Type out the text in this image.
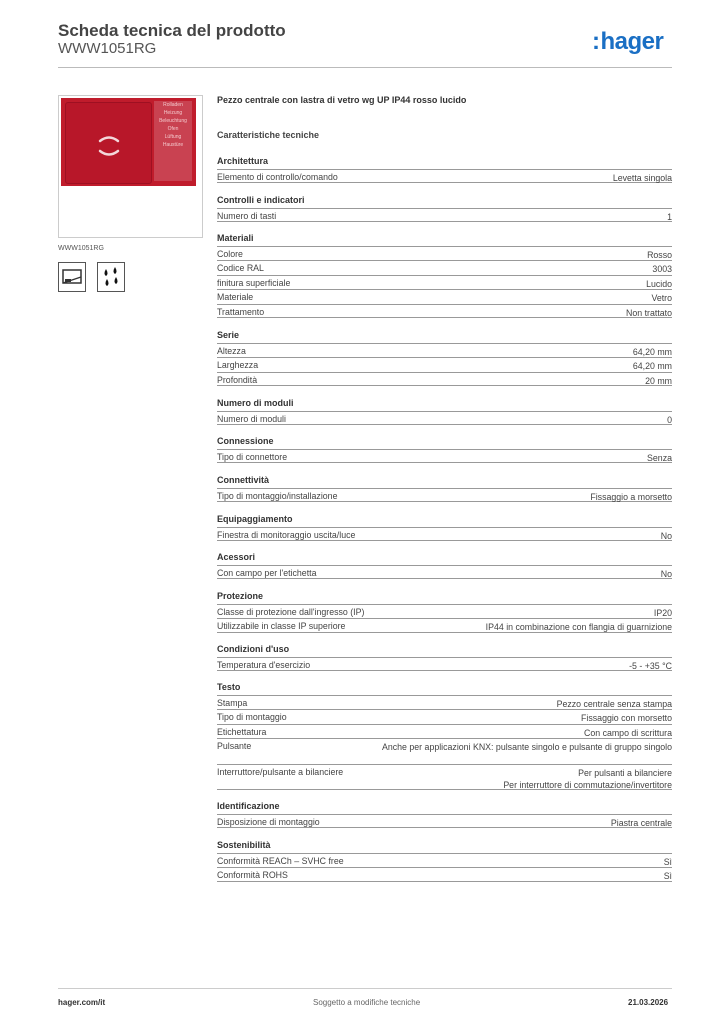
Scheda tecnica del prodotto
WWW1051RG	:hager
Rolladen
Heizung
Beleuchtung
Ofen
Lüftung
Haustüre
WWW1051RG
Pezzo centrale con lastra di vetro wg UP IP44 rosso lucido
Caratteristiche tecniche
Architettura
Elemento di controllo/comando	Levetta singola
Controlli e indicatori
Numero di tasti	1
Materiali
Colore	Rosso
Codice RAL	3003
finitura superficiale	Lucido
Materiale	Vetro
Trattamento	Non trattato
Serie
Altezza	64,20 mm
Larghezza	64,20 mm
Profondità	20 mm
Numero di moduli
Numero di moduli	0
Connessione
Tipo di connettore	Senza
Connettività
Tipo di montaggio/installazione	Fissaggio a morsetto
Equipaggiamento
Finestra di monitoraggio uscita/luce	No
Acessori
Con campo per l'etichetta	No
Protezione
Classe di protezione dall'ingresso (IP)	IP20
Utilizzabile in classe IP superiore	IP44 in combinazione con flangia di guarnizione
Condizioni d'uso
Temperatura d'esercizio	-5 - +35 °C
Testo
Stampa	Pezzo centrale senza stampa
Tipo di montaggio	Fissaggio con morsetto
Etichettatura	Con campo di scrittura
Pulsante	Anche per applicazioni KNX: pulsante singolo e pulsante di gruppo singolo
Interruttore/pulsante a bilanciere	Per pulsanti a bilanciere
Per interruttore di commutazione/invertitore
Identificazione
Disposizione di montaggio	Piastra centrale
Sostenibilità
Conformità REACh – SVHC free	Sì
Conformità ROHS	Sì
hager.com/it	Soggetto a modifiche tecniche	21.03.2026
